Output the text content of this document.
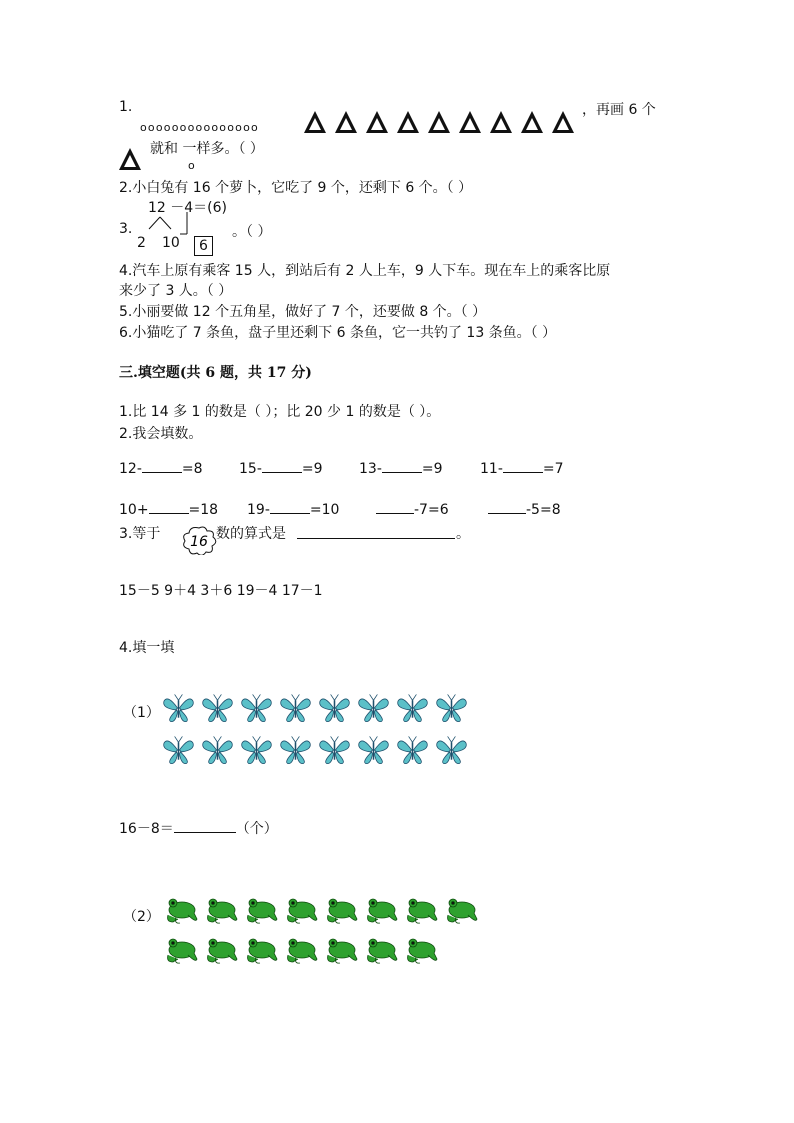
1.
ooooooooooooooo
，再画 6 个
o
就和 一样多。（ ）
2.小白兔有 16 个萝卜，它吃了 9 个，还剩下 6 个。（ ）
3.
12 －4＝(6)
2 10	6
。（ ）
4.汽车上原有乘客 15 人，到站后有 2 人上车，9 人下车。现在车上的乘客比原
来少了 3 人。（ ）
5.小丽要做 12 个五角星，做好了 7 个，还要做 8 个。（ ）
6.小猫吃了 7 条鱼，盘子里还剩下 6 条鱼，它一共钓了 13 条鱼。（ ）
三.填空题(共 6 题，共 17 分)
1.比 14 多 1 的数是（ ）；比 20 少 1 的数是（ ）。
2.我会填数。
12-	=8	15-	=9	13-	=9	11-	=7
10+	=18 19-	=10	-7=6	-5=8
3.等于 16 数的算式是	。
15－5 9＋4 3＋6 19－4 17－1
4.填一填
（1）
16－8＝	（个）
（2）
